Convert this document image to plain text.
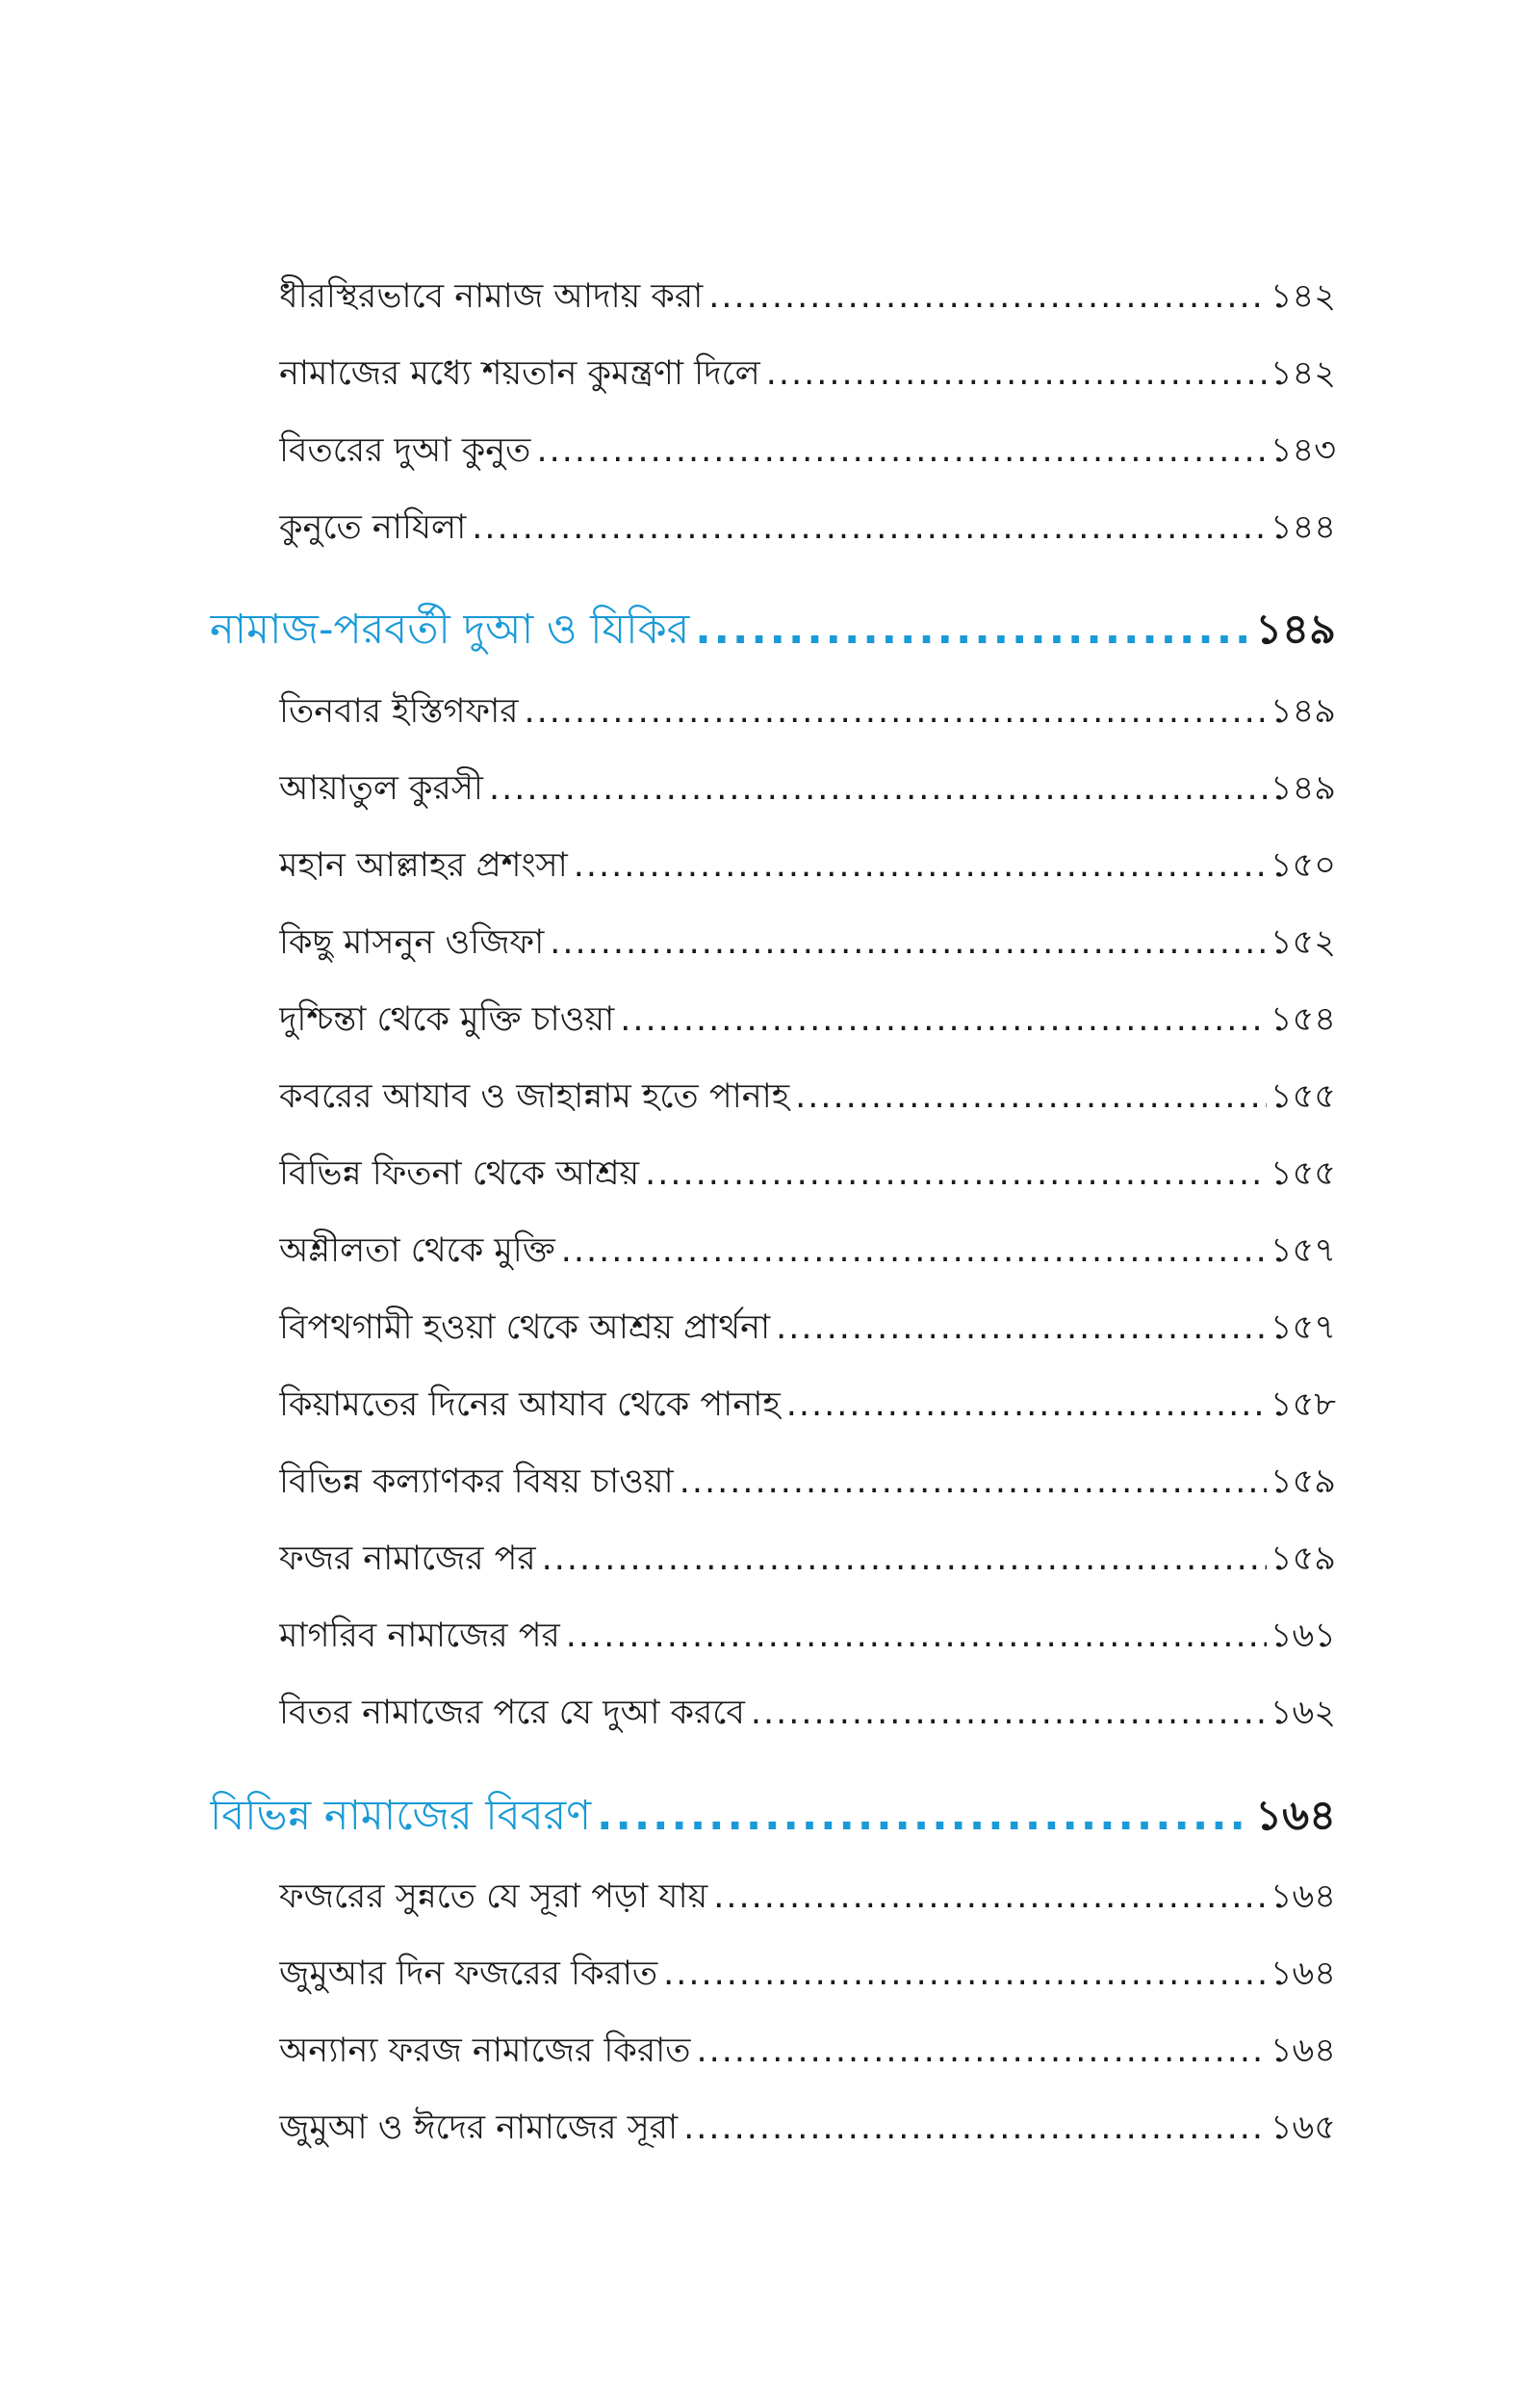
ধীরস্থিরভাবে নামাজ আদায় করা .....	১৪২
নামাজের মধ্যে শয়তান কুমন্ত্রণা দিলে .....	১৪২
বিতরের দুআ কুনুত .....	১৪৩
কুনুতে নাযিলা .....	১৪৪
নামাজ-পরবর্তী দুআ ও যিকির .....	১৪৯
তিনবার ইস্তিগফার .....	১৪৯
আয়াতুল কুরসী .....	১৪৯
মহান আল্লাহর প্রশংসা .....	১৫০
কিছু মাসনুন ওজিফা .....	১৫২
দুশ্চিন্তা থেকে মুক্তি চাওয়া .....	১৫৪
কবরের আযাব ও জাহান্নাম হতে পানাহ .....	১৫৫
বিভিন্ন ফিতনা থেকে আশ্রয় .....	১৫৫
অশ্লীলতা থেকে মুক্তি .....	১৫৭
বিপথগামী হওয়া থেকে আশ্রয় প্রার্থনা .....	১৫৭
কিয়ামতের দিনের আযাব থেকে পানাহ .....	১৫৮
বিভিন্ন কল্যাণকর বিষয় চাওয়া .....	১৫৯
ফজর নামাজের পর .....	১৫৯
মাগরিব নামাজের পর .....	১৬১
বিতর নামাজের পরে যে দুআ করবে .....	১৬২
বিভিন্ন নামাজের বিবরণ .....	১৬৪
ফজরের সুন্নতে যে সূরা পড়া যায় .....	১৬৪
জুমুআর দিন ফজরের কিরাত .....	১৬৪
অন্যান্য ফরজ নামাজের কিরাত .....	১৬৪
জুমুআ ও ঈদের নামাজের সূরা .....	১৬৫
